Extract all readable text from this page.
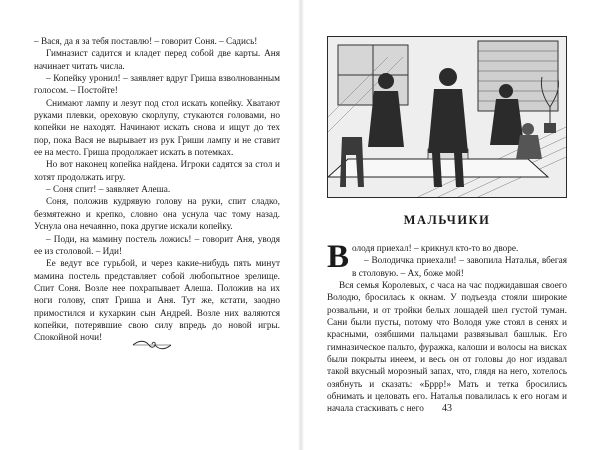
– Вася, да я за тебя поставлю! – говорит Соня. – Садись!

Гимназист садится и кладет перед собой две карты. Аня начинает читать числа.

– Копейку уронил! – заявляет вдруг Гриша взволнованным голосом. – Постойте!

Снимают лампу и лезут под стол искать копейку. Хватают руками плевки, ореховую скорлупу, стукаются головами, но копейки не находят. Начинают искать снова и ищут до тех пор, пока Вася не вырывает из рук Гриши лампу и не ставит ее на место. Гриша продолжает искать в потемках.

Но вот наконец копейка найдена. Игроки садятся за стол и хотят продолжать игру.

– Соня спит! – заявляет Алеша.

Соня, положив кудрявую голову на руки, спит сладко, безмятежно и крепко, словно она уснула час тому назад. Уснула она нечаянно, пока другие искали копейку.

– Поди, на мамину постель ложись! – говорит Аня, уводя ее из столовой. – Иди!

Ее ведут все гурьбой, и через какие-нибудь пять минут мамина постель представляет собой любопытное зрелище. Спит Соня. Возле нее похрапывает Алеша. Положив на их ноги голову, спят Гриша и Аня. Тут же, кстати, заодно примостился и кухаркин сын Андрей. Возле них валяются копейки, потерявшие свою силу впредь до новой игры. Спокойной ночи!

МАЛЬЧИКИ

Володя приехал! – крикнул кто-то во дворе.

– Володичка приехали! – завопила Наталья, вбегая в столовую. – Ах, боже мой!

Вся семья Королевых, с часа на час поджидавшая своего Володю, бросилась к окнам. У подъезда стояли широкие розвальни, и от тройки белых лошадей шел густой туман. Сани были пусты, потому что Володя уже стоял в сенях и красными, озябшими пальцами развязывал башлык. Его гимназическое пальто, фуражка, калоши и волосы на висках были покрыты инеем, и весь он от головы до ног издавал такой вкусный морозный запах, что, глядя на него, хотелось озябнуть и сказать: «Бррр!» Мать и тетка бросились обнимать и целовать его. Наталья повалилась к его ногам и начала стаскивать с него	43
